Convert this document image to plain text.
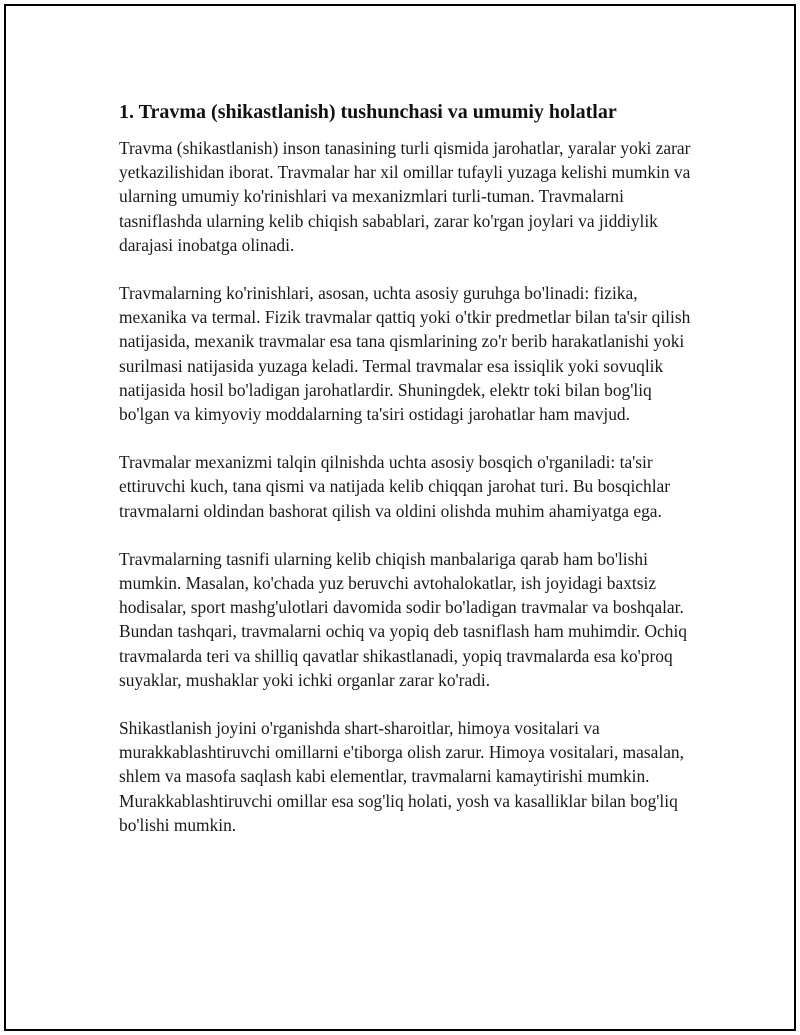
1. Travma (shikastlanish) tushunchasi va umumiy holatlar

Travma (shikastlanish) inson tanasining turli qismida jarohatlar, yaralar yoki zarar yetkazilishidan iborat. Travmalar har xil omillar tufayli yuzaga kelishi mumkin va ularning umumiy ko'rinishlari va mexanizmlari turli-tuman. Travmalarni tasniflashda ularning kelib chiqish sabablari, zarar ko'rgan joylari va jiddiylik darajasi inobatga olinadi.

Travmalarning ko'rinishlari, asosan, uchta asosiy guruhga bo'linadi: fizika, mexanika va termal. Fizik travmalar qattiq yoki o'tkir predmetlar bilan ta'sir qilish natijasida, mexanik travmalar esa tana qismlarining zo'r berib harakatlanishi yoki surilmasi natijasida yuzaga keladi. Termal travmalar esa issiqlik yoki sovuqlik natijasida hosil bo'ladigan jarohatlardir. Shuningdek, elektr toki bilan bog'liq bo'lgan va kimyoviy moddalarning ta'siri ostidagi jarohatlar ham mavjud.

Travmalar mexanizmi talqin qilnishda uchta asosiy bosqich o'rganiladi: ta'sir ettiruvchi kuch, tana qismi va natijada kelib chiqqan jarohat turi. Bu bosqichlar travmalarni oldindan bashorat qilish va oldini olishda muhim ahamiyatga ega.

Travmalarning tasnifi ularning kelib chiqish manbalariga qarab ham bo'lishi mumkin. Masalan, ko'chada yuz beruvchi avtohalokatlar, ish joyidagi baxtsiz hodisalar, sport mashg'ulotlari davomida sodir bo'ladigan travmalar va boshqalar. Bundan tashqari, travmalarni ochiq va yopiq deb tasniflash ham muhimdir. Ochiq travmalarda teri va shilliq qavatlar shikastlanadi, yopiq travmalarda esa ko'proq suyaklar, mushaklar yoki ichki organlar zarar ko'radi.

Shikastlanish joyini o'rganishda shart-sharoitlar, himoya vositalari va murakkablashtiruvchi omillarni e'tiborga olish zarur. Himoya vositalari, masalan, shlem va masofa saqlash kabi elementlar, travmalarni kamaytirishi mumkin. Murakkablashtiruvchi omillar esa sog'liq holati, yosh va kasalliklar bilan bog'liq bo'lishi mumkin.
